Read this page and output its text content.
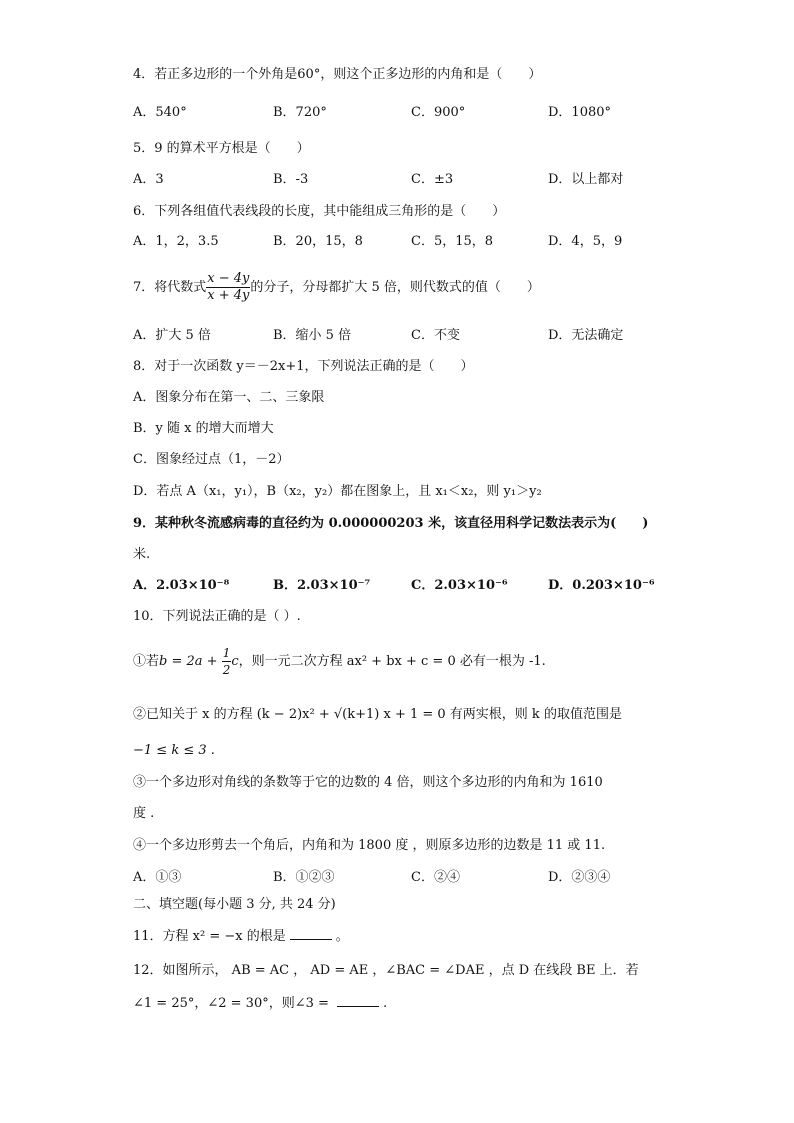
4．若正多边形的一个外角是60°，则这个正多边形的内角和是（　　）
A．540°	B．720°	C．900°	D．1080°
5．9 的算术平方根是（　　）
A．3	B．-3	C．±3	D．以上都对
6．下列各组值代表线段的长度，其中能组成三角形的是（　　）
A．1，2，3.5	B．20，15，8	C．5，15，8	D．4，5，9
7．将代数式 $\frac{x - 4y}{x + 4y}$ 的分子，分母都扩大 5 倍，则代数式的值（　　）
A．扩大 5 倍	B．缩小 5 倍	C．不变	D．无法确定
8．对于一次函数 y＝－2x+1，下列说法正确的是（　　）
A．图象分布在第一、二、三象限
B．y 随 x 的增大而增大
C．图象经过点（1，－2）
D．若点 A（x₁，y₁），B（x₂，y₂）都在图象上，且 x₁＜x₂，则 y₁＞y₂
9．某种秋冬流感病毒的直径约为 0.000000203 米，该直径用科学记数法表示为(　　)
米.
A．2.03×10⁻⁸	B．2.03×10⁻⁷	C．2.03×10⁻⁶	D．0.203×10⁻⁶
10．下列说法正确的是（ ）.
①若$b = 2a + \frac{1}{2}$ c，则一元二次方程 ax² + bx + c = 0 必有一根为 -1.
②已知关于 x 的方程 (k − 2)x² + √(k+1) x + 1 = 0 有两实根，则 k 的取值范围是
−1 ≤ k ≤ 3 .
③一个多边形对角线的条数等于它的边数的 4 倍，则这个多边形的内角和为 1610
度 .
④一个多边形剪去一个角后，内角和为 1800 度 ，则原多边形的边数是 11 或 11.
A．①③	B．①②③	C．②④	D．②③④
二、填空题(每小题 3 分, 共 24 分)
11．方程 x² = −x 的根是	。
12．如图所示， AB = AC ， AD = AE ，∠BAC = ∠DAE ，点 D 在线段 BE 上．若
∠1 = 25°，∠2 = 30°，则∠3 =	.
